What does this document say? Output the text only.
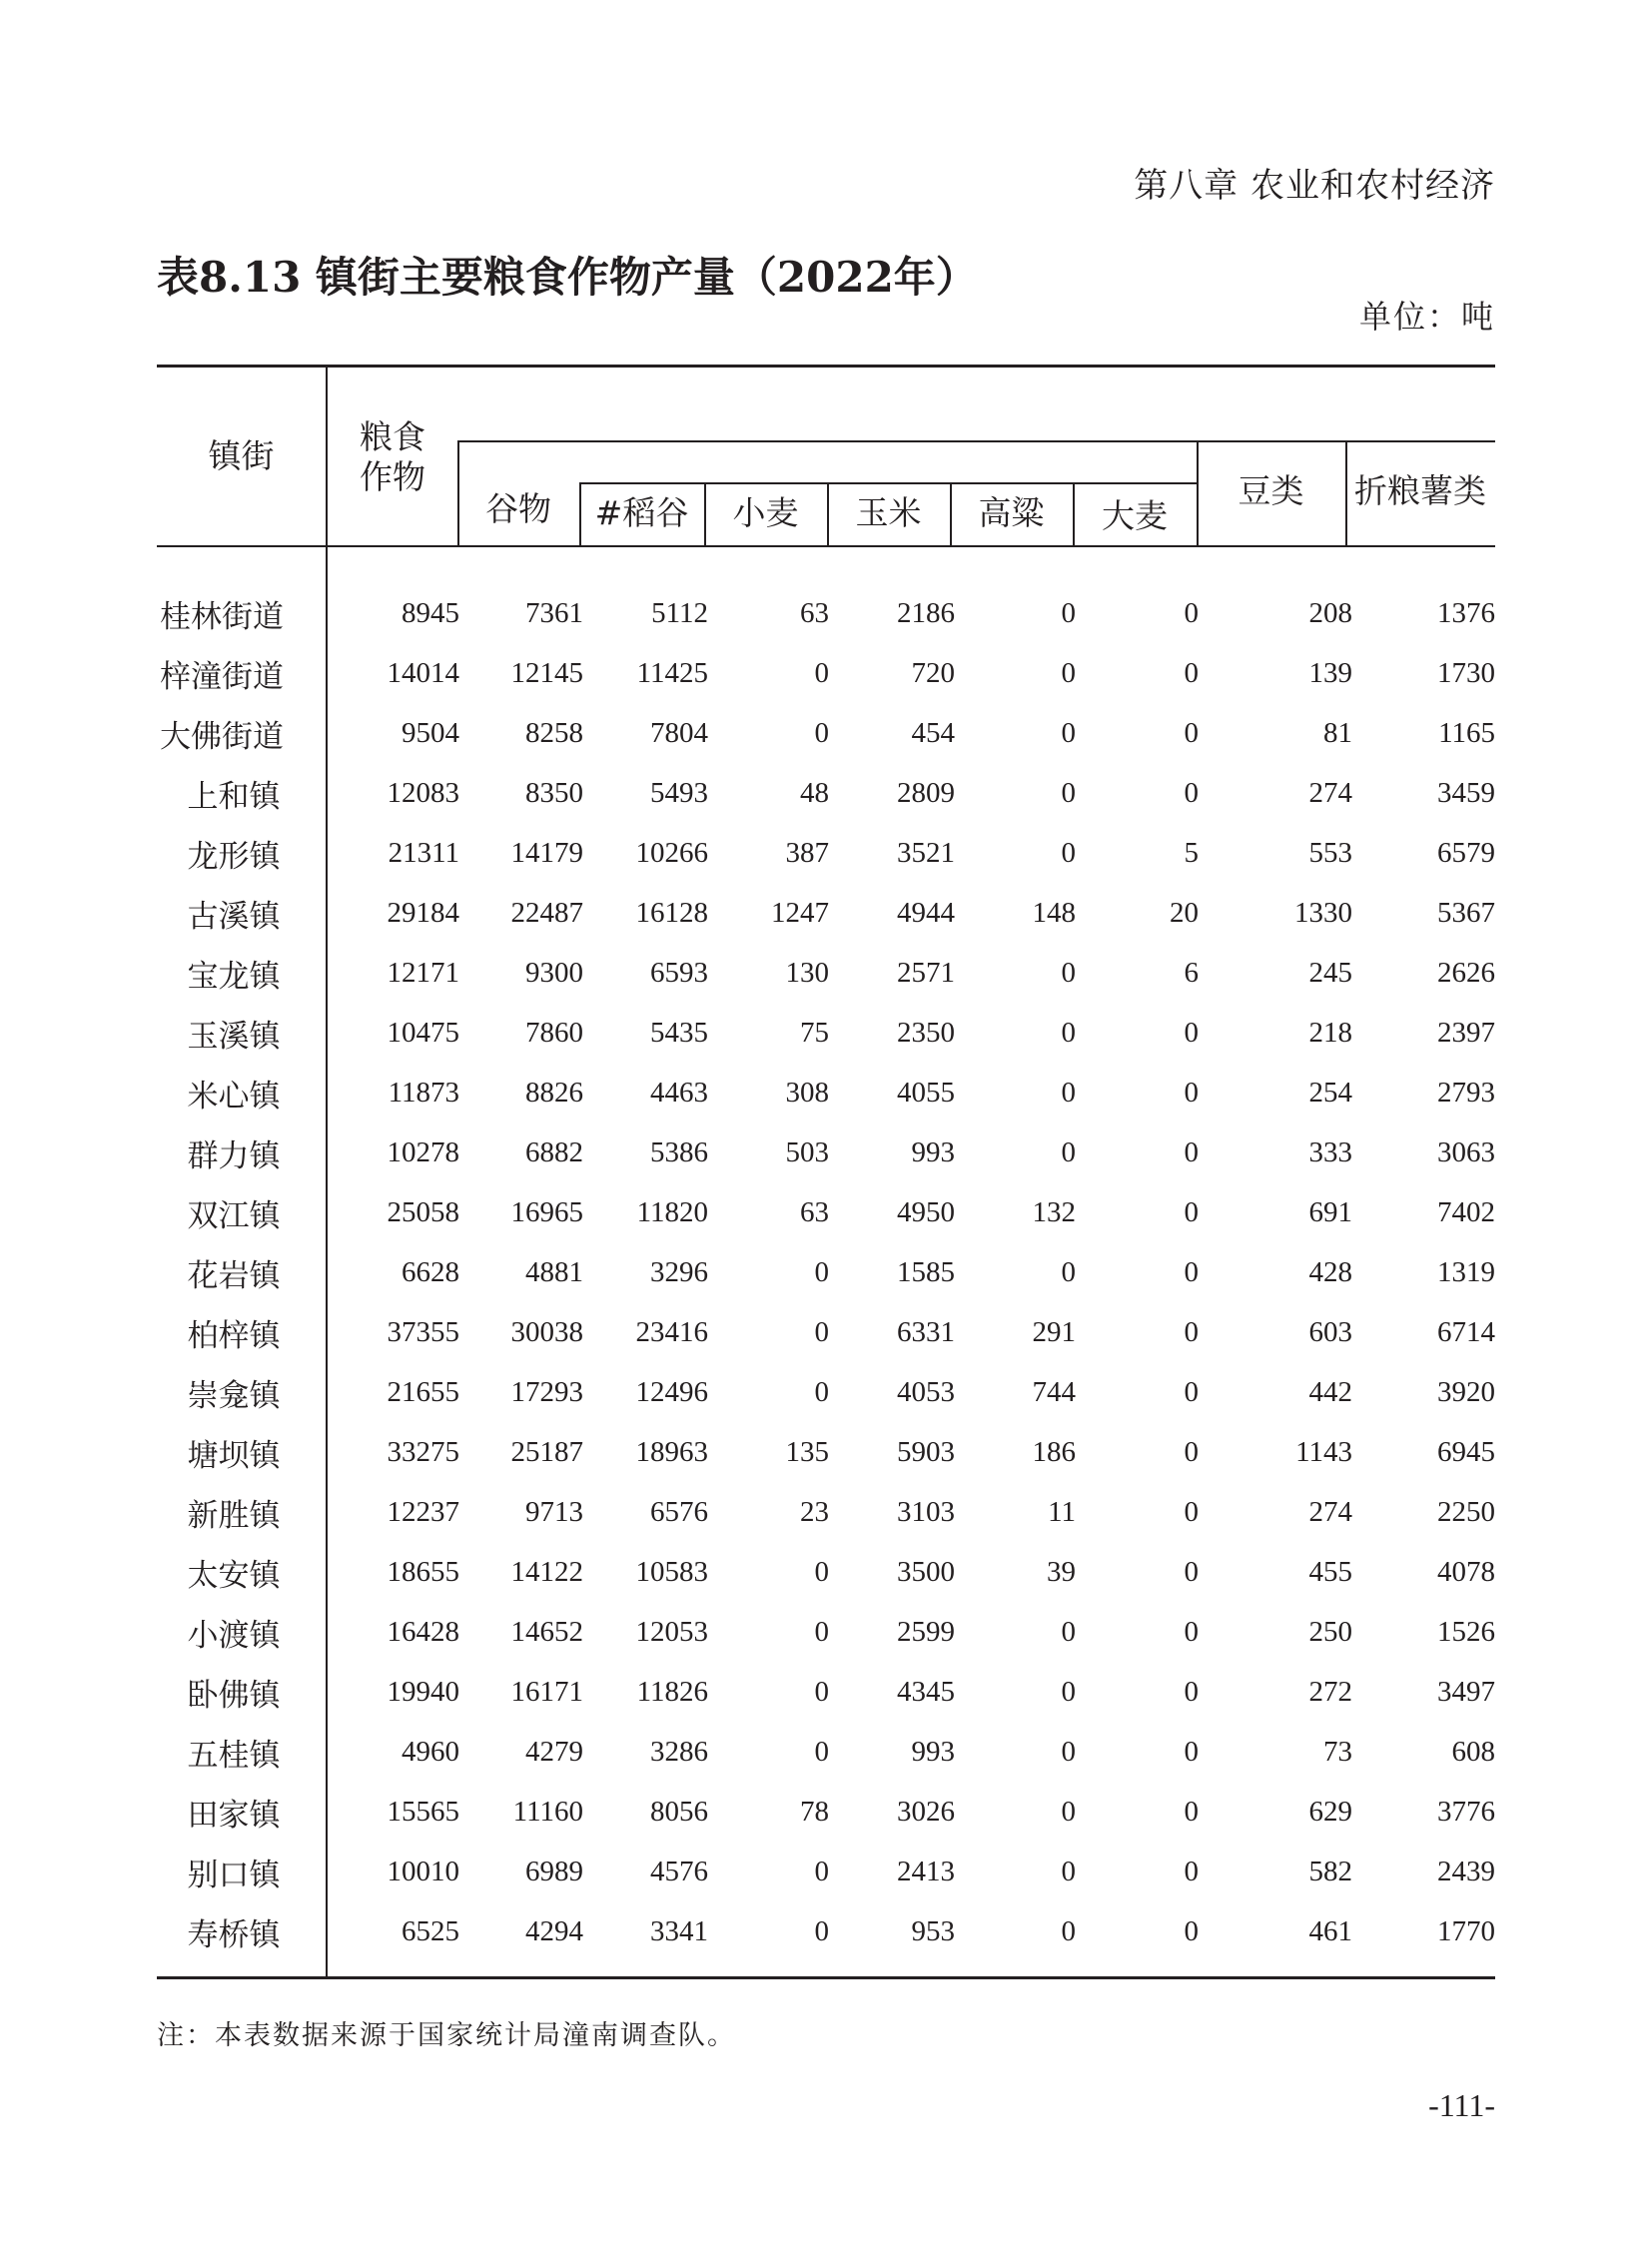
第八章 农业和农村经济
表8.13 镇街主要粮食作物产量（2022年）
单位：吨
镇街	粮食
作物
谷物	#稻谷	小麦	玉米	高粱	大麦
豆类	折粮薯类
桂林街道	8945	7361	5112	63	2186	0	0	208	1376
梓潼街道	14014	12145	11425	0	720	0	0	139	1730
大佛街道	9504	8258	7804	0	454	0	0	81	1165
上和镇	12083	8350	5493	48	2809	0	0	274	3459
龙形镇	21311	14179	10266	387	3521	0	5	553	6579
古溪镇	29184	22487	16128	1247	4944	148	20	1330	5367
宝龙镇	12171	9300	6593	130	2571	0	6	245	2626
玉溪镇	10475	7860	5435	75	2350	0	0	218	2397
米心镇	11873	8826	4463	308	4055	0	0	254	2793
群力镇	10278	6882	5386	503	993	0	0	333	3063
双江镇	25058	16965	11820	63	4950	132	0	691	7402
花岩镇	6628	4881	3296	0	1585	0	0	428	1319
柏梓镇	37355	30038	23416	0	6331	291	0	603	6714
崇龛镇	21655	17293	12496	0	4053	744	0	442	3920
塘坝镇	33275	25187	18963	135	5903	186	0	1143	6945
新胜镇	12237	9713	6576	23	3103	11	0	274	2250
太安镇	18655	14122	10583	0	3500	39	0	455	4078
小渡镇	16428	14652	12053	0	2599	0	0	250	1526
卧佛镇	19940	16171	11826	0	4345	0	0	272	3497
五桂镇	4960	4279	3286	0	993	0	0	73	608
田家镇	15565	11160	8056	78	3026	0	0	629	3776
别口镇	10010	6989	4576	0	2413	0	0	582	2439
寿桥镇	6525	4294	3341	0	953	0	0	461	1770
注：本表数据来源于国家统计局潼南调查队。
-111-
